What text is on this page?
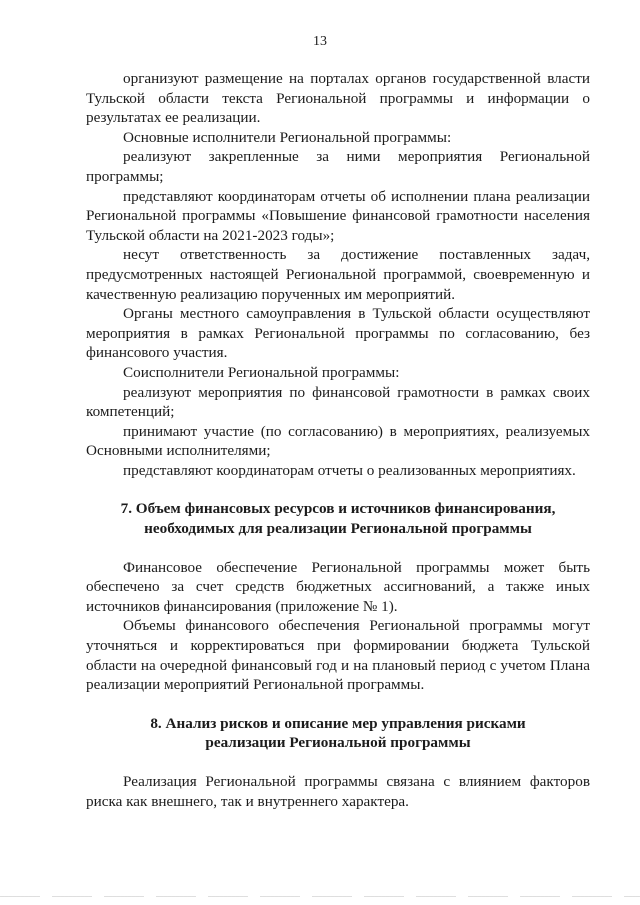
13

организуют размещение на порталах органов государственной власти Тульской области текста Региональной программы и информации о результатах ее реализации.

Основные исполнители Региональной программы:

реализуют закрепленные за ними мероприятия Региональной программы;

представляют координаторам отчеты об исполнении плана реализации Региональной программы «Повышение финансовой грамотности населения Тульской области на 2021-2023 годы»;

несут ответственность за достижение поставленных задач, предусмотренных настоящей Региональной программой, своевременную и качественную реализацию порученных им мероприятий.

Органы местного самоуправления в Тульской области осуществляют мероприятия в рамках Региональной программы по согласованию, без финансового участия.

Соисполнители Региональной программы:

реализуют мероприятия по финансовой грамотности в рамках своих компетенций;

принимают участие (по согласованию) в мероприятиях, реализуемых Основными исполнителями;

представляют координаторам отчеты о реализованных мероприятиях.

7. Объем финансовых ресурсов и источников финансирования,

необходимых для реализации Региональной программы

Финансовое обеспечение Региональной программы может быть обеспечено за счет средств бюджетных ассигнований, а также иных источников финансирования (приложение № 1).

Объемы финансового обеспечения Региональной программы могут уточняться и корректироваться при формировании бюджета Тульской области на очередной финансовый год и на плановый период с учетом Плана реализации мероприятий Региональной программы.

8. Анализ рисков и описание мер управления рисками

реализации Региональной программы

Реализация Региональной программы связана с влиянием факторов риска как внешнего, так и внутреннего характера.
